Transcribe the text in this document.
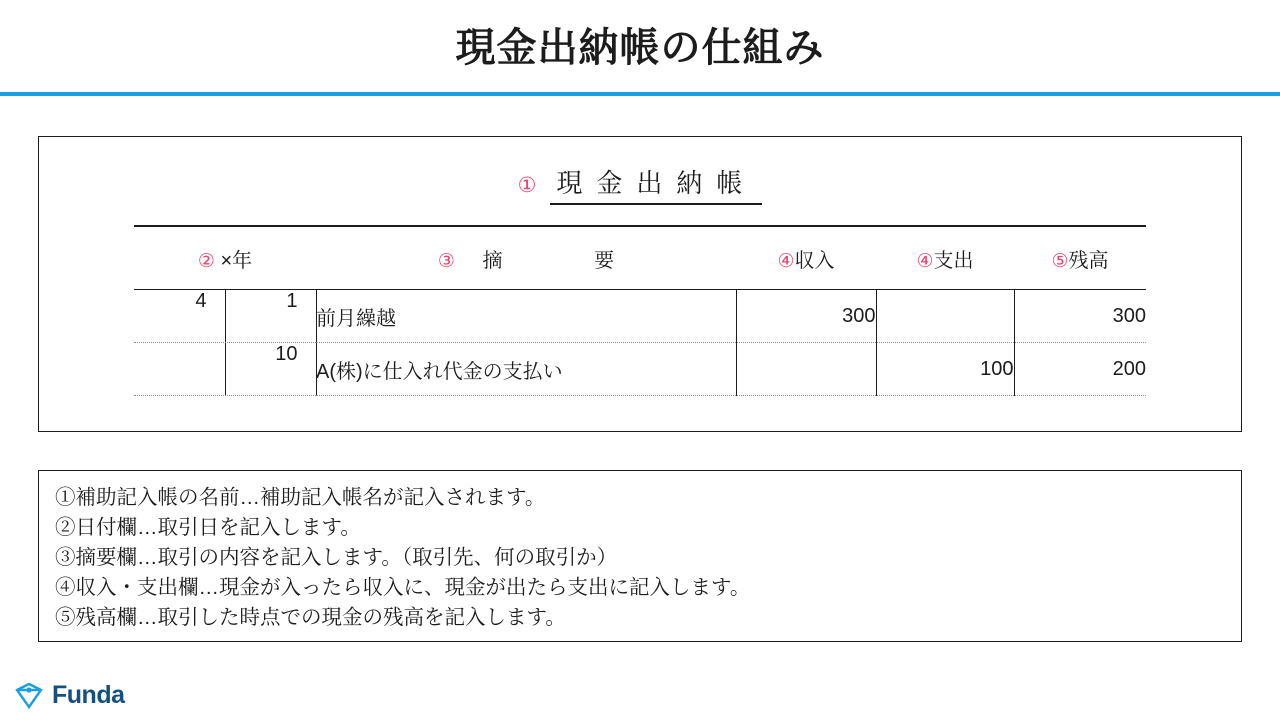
現金出納帳の仕組み
① 現金出納帳
② ×年	③ 摘 要	④収入	④支出	⑤残高

4	1	前月繰越	300		300

	10	A(株)に仕入れ代金の支払い		100	200
①補助記入帳の名前…補助記入帳名が記入されます。
②日付欄…取引日を記入します。
③摘要欄…取引の内容を記入します。（取引先、何の取引か）
④収入・支出欄…現金が入ったら収入に、現金が出たら支出に記入します。
⑤残高欄…取引した時点での現金の残高を記入します。
Funda
